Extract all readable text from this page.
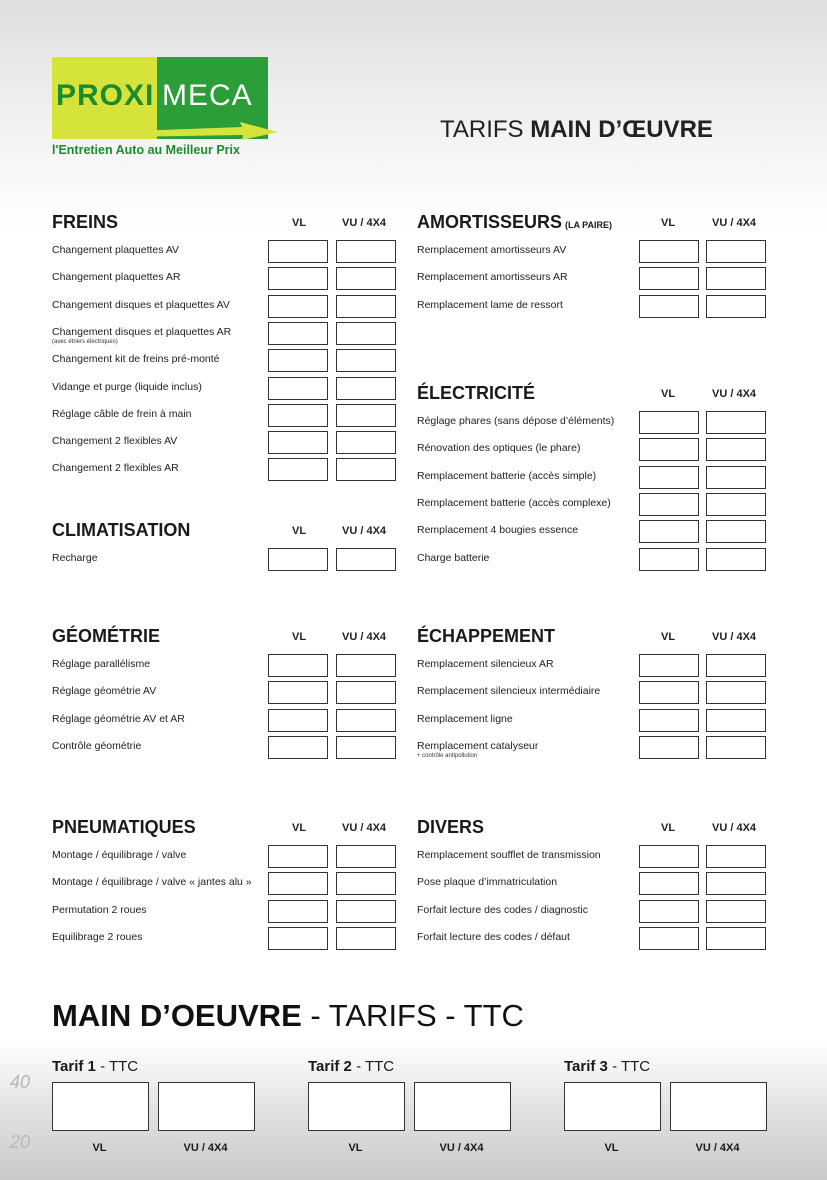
40
20
PROXI MECA
l'Entretien Auto au Meilleur Prix
TARIFS MAIN D’ŒUVRE
FREINS	VL	VU / 4X4
Changement plaquettes AV
Changement plaquettes AR
Changement disques et plaquettes AV
Changement disques et plaquettes AR
(avec étriers électriques)
Changement kit de freins pré-monté
Vidange et purge (liquide inclus)
Réglage câble de frein à main
Changement 2 flexibles AV
Changement 2 flexibles AR
AMORTISSEURS (LA PAIRE)	VL	VU / 4X4
Remplacement amortisseurs AV
Remplacement amortisseurs AR
Remplacement lame de ressort
ÉLECTRICITÉ	VL	VU / 4X4
Réglage phares (sans dépose d’éléments)
Rénovation des optiques (le phare)
Remplacement batterie (accès simple)
Remplacement batterie (accès complexe)
Remplacement 4 bougies essence
Charge batterie
CLIMATISATION	VL	VU / 4X4
Recharge
GÉOMÉTRIE	VL	VU / 4X4
Réglage parallélisme
Réglage géométrie AV
Réglage géométrie AV et AR
Contrôle géométrie
ÉCHAPPEMENT	VL	VU / 4X4
Remplacement silencieux AR
Remplacement silencieux intermédiaire
Remplacement ligne
Remplacement catalyseur
+ contrôle antipollution
PNEUMATIQUES	VL	VU / 4X4
Montage / équilibrage / valve
Montage / équilibrage / valve « jantes alu »
Permutation 2 roues
Equilibrage 2 roues
DIVERS	VL	VU / 4X4
Remplacement soufflet de transmission
Pose plaque d’immatriculation
Forfait lecture des codes / diagnostic
Forfait lecture des codes / défaut
MAIN D’OEUVRE - TARIFS - TTC
Tarif 1 - TTC	Tarif 2 - TTC	Tarif 3 - TTC
VL	VU / 4X4	VL	VU / 4X4	VL	VU / 4X4
